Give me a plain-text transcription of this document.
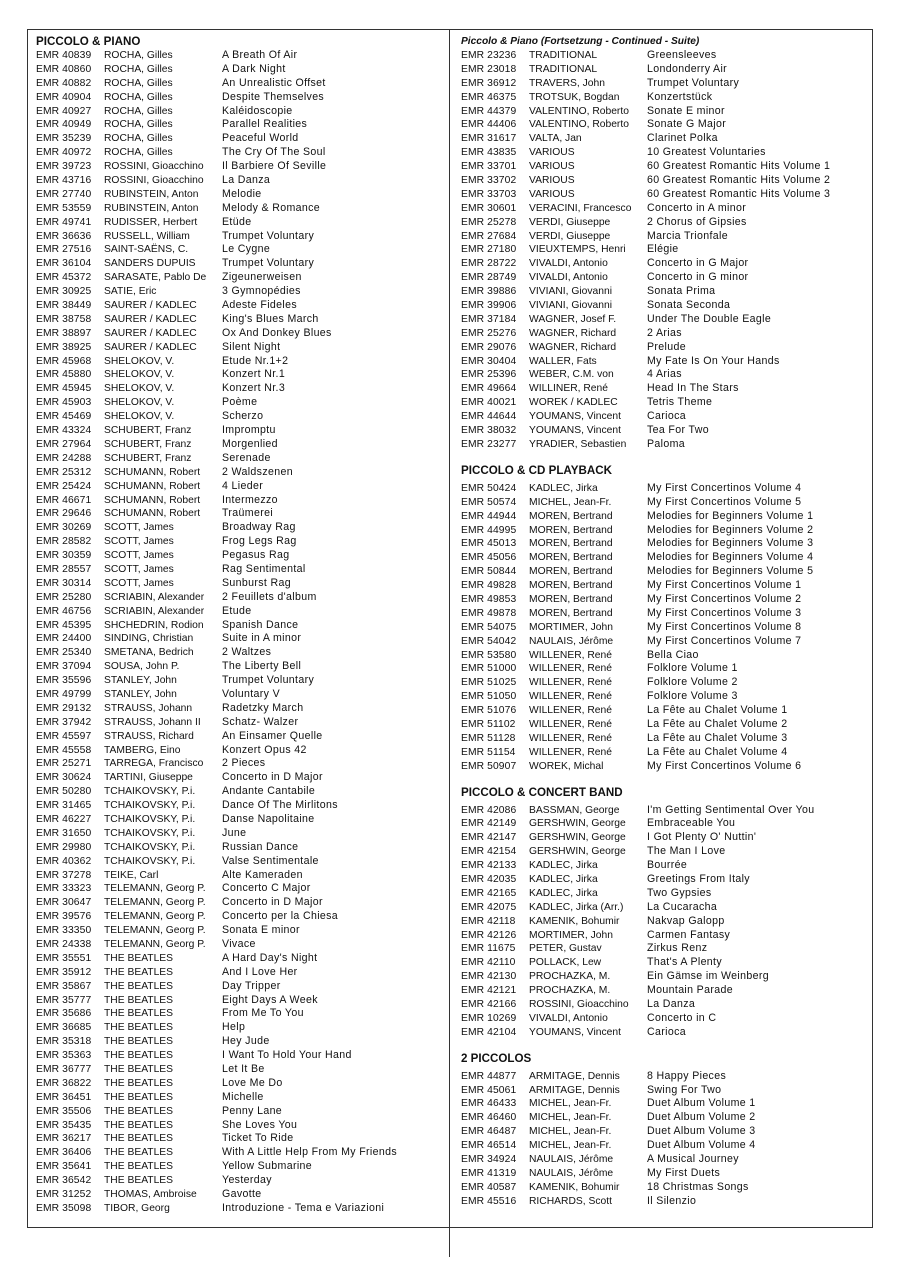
PICCOLO & PIANO
EMR 40839	ROCHA, Gilles	A Breath Of Air
EMR 40860	ROCHA, Gilles	A Dark Night
EMR 40882	ROCHA, Gilles	An Unrealistic Offset
EMR 40904	ROCHA, Gilles	Despite Themselves
EMR 40927	ROCHA, Gilles	Kaléidoscopie
EMR 40949	ROCHA, Gilles	Parallel Realities
EMR 35239	ROCHA, Gilles	Peaceful World
EMR 40972	ROCHA, Gilles	The Cry Of The Soul
EMR 39723	ROSSINI, Gioacchino	Il Barbiere Of Seville
EMR 43716	ROSSINI, Gioacchino	La Danza
EMR 27740	RUBINSTEIN, Anton	Melodie
EMR 53559	RUBINSTEIN, Anton	Melody & Romance
EMR 49741	RUDISSER, Herbert	Etüde
EMR 36636	RUSSELL, William	Trumpet Voluntary
EMR 27516	SAINT-SAËNS, C.	Le Cygne
EMR 36104	SANDERS DUPUIS	Trumpet Voluntary
EMR 45372	SARASATE, Pablo De	Zigeunerweisen
EMR 30925	SATIE, Eric	3 Gymnopédies
EMR 38449	SAURER / KADLEC	Adeste Fideles
EMR 38758	SAURER / KADLEC	King's Blues March
EMR 38897	SAURER / KADLEC	Ox And Donkey Blues
EMR 38925	SAURER / KADLEC	Silent Night
EMR 45968	SHELOKOV, V.	Etude Nr.1+2
EMR 45880	SHELOKOV, V.	Konzert Nr.1
EMR 45945	SHELOKOV, V.	Konzert Nr.3
EMR 45903	SHELOKOV, V.	Poème
EMR 45469	SHELOKOV, V.	Scherzo
EMR 43324	SCHUBERT, Franz	Impromptu
EMR 27964	SCHUBERT, Franz	Morgenlied
EMR 24288	SCHUBERT, Franz	Serenade
EMR 25312	SCHUMANN, Robert	2 Waldszenen
EMR 25424	SCHUMANN, Robert	4 Lieder
EMR 46671	SCHUMANN, Robert	Intermezzo
EMR 29646	SCHUMANN, Robert	Traümerei
EMR 30269	SCOTT, James	Broadway Rag
EMR 28582	SCOTT, James	Frog Legs Rag
EMR 30359	SCOTT, James	Pegasus Rag
EMR 28557	SCOTT, James	Rag Sentimental
EMR 30314	SCOTT, James	Sunburst Rag
EMR 25280	SCRIABIN, Alexander	2 Feuillets d'album
EMR 46756	SCRIABIN, Alexander	Etude
EMR 45395	SHCHEDRIN, Rodion	Spanish Dance
EMR 24400	SINDING, Christian	Suite in A minor
EMR 25340	SMETANA, Bedrich	2 Waltzes
EMR 37094	SOUSA, John P.	The Liberty Bell
EMR 35596	STANLEY, John	Trumpet Voluntary
EMR 49799	STANLEY, John	Voluntary V
EMR 29132	STRAUSS, Johann	Radetzky March
EMR 37942	STRAUSS, Johann II	Schatz- Walzer
EMR 45597	STRAUSS, Richard	An Einsamer Quelle
EMR 45558	TAMBERG, Eino	Konzert Opus 42
EMR 25271	TARREGA, Francisco	2 Pieces
EMR 30624	TARTINI, Giuseppe	Concerto in D Major
EMR 50280	TCHAIKOVSKY, P.i.	Andante Cantabile
EMR 31465	TCHAIKOVSKY, P.i.	Dance Of The Mirlitons
EMR 46227	TCHAIKOVSKY, P.i.	Danse Napolitaine
EMR 31650	TCHAIKOVSKY, P.i.	June
EMR 29980	TCHAIKOVSKY, P.i.	Russian Dance
EMR 40362	TCHAIKOVSKY, P.i.	Valse Sentimentale
EMR 37278	TEIKE, Carl	Alte Kameraden
EMR 33323	TELEMANN, Georg P.	Concerto C Major
EMR 30647	TELEMANN, Georg P.	Concerto in D Major
EMR 39576	TELEMANN, Georg P.	Concerto per la Chiesa
EMR 33350	TELEMANN, Georg P.	Sonata E minor
EMR 24338	TELEMANN, Georg P.	Vivace
EMR 35551	THE BEATLES	A Hard Day's Night
EMR 35912	THE BEATLES	And I Love Her
EMR 35867	THE BEATLES	Day Tripper
EMR 35777	THE BEATLES	Eight Days A Week
EMR 35686	THE BEATLES	From Me To You
EMR 36685	THE BEATLES	Help
EMR 35318	THE BEATLES	Hey Jude
EMR 35363	THE BEATLES	I Want To Hold Your Hand
EMR 36777	THE BEATLES	Let It Be
EMR 36822	THE BEATLES	Love Me Do
EMR 36451	THE BEATLES	Michelle
EMR 35506	THE BEATLES	Penny Lane
EMR 35435	THE BEATLES	She Loves You
EMR 36217	THE BEATLES	Ticket To Ride
EMR 36406	THE BEATLES	With A Little Help From My Friends
EMR 35641	THE BEATLES	Yellow Submarine
EMR 36542	THE BEATLES	Yesterday
EMR 31252	THOMAS, Ambroise	Gavotte
EMR 35098	TIBOR, Georg	Introduzione - Tema e Variazioni
Piccolo & Piano (Fortsetzung - Continued - Suite)
EMR 23236	TRADITIONAL	Greensleeves
EMR 23018	TRADITIONAL	Londonderry Air
EMR 36912	TRAVERS, John	Trumpet Voluntary
EMR 46375	TROTSUK, Bogdan	Konzertstück
EMR 44379	VALENTINO, Roberto	Sonate E minor
EMR 44406	VALENTINO, Roberto	Sonate G Major
EMR 31617	VALTA, Jan	Clarinet Polka
EMR 43835	VARIOUS	10 Greatest Voluntaries
EMR 33701	VARIOUS	60 Greatest Romantic Hits Volume 1
EMR 33702	VARIOUS	60 Greatest Romantic Hits Volume 2
EMR 33703	VARIOUS	60 Greatest Romantic Hits Volume 3
EMR 30601	VERACINI, Francesco	Concerto in A minor
EMR 25278	VERDI, Giuseppe	2 Chorus of Gipsies
EMR 27684	VERDI, Giuseppe	Marcia Trionfale
EMR 27180	VIEUXTEMPS, Henri	Elégie
EMR 28722	VIVALDI, Antonio	Concerto in G Major
EMR 28749	VIVALDI, Antonio	Concerto in G minor
EMR 39886	VIVIANI, Giovanni	Sonata Prima
EMR 39906	VIVIANI, Giovanni	Sonata Seconda
EMR 37184	WAGNER, Josef F.	Under The Double Eagle
EMR 25276	WAGNER, Richard	2 Arias
EMR 29076	WAGNER, Richard	Prelude
EMR 30404	WALLER, Fats	My Fate Is On Your Hands
EMR 25396	WEBER, C.M. von	4 Arias
EMR 49664	WILLINER, René	Head In The Stars
EMR 40021	WOREK / KADLEC	Tetris Theme
EMR 44644	YOUMANS, Vincent	Carioca
EMR 38032	YOUMANS, Vincent	Tea For Two
EMR 23277	YRADIER, Sebastien	Paloma
PICCOLO & CD PLAYBACK
EMR 50424	KADLEC, Jirka	My First Concertinos Volume 4
EMR 50574	MICHEL, Jean-Fr.	My First Concertinos Volume 5
EMR 44944	MOREN, Bertrand	Melodies for Beginners Volume 1
EMR 44995	MOREN, Bertrand	Melodies for Beginners Volume 2
EMR 45013	MOREN, Bertrand	Melodies for Beginners Volume 3
EMR 45056	MOREN, Bertrand	Melodies for Beginners Volume 4
EMR 50844	MOREN, Bertrand	Melodies for Beginners Volume 5
EMR 49828	MOREN, Bertrand	My First Concertinos Volume 1
EMR 49853	MOREN, Bertrand	My First Concertinos Volume 2
EMR 49878	MOREN, Bertrand	My First Concertinos Volume 3
EMR 54075	MORTIMER, John	My First Concertinos Volume 8
EMR 54042	NAULAIS, Jérôme	My First Concertinos Volume 7
EMR 53580	WILLENER, René	Bella Ciao
EMR 51000	WILLENER, René	Folklore Volume 1
EMR 51025	WILLENER, René	Folklore Volume 2
EMR 51050	WILLENER, René	Folklore Volume 3
EMR 51076	WILLENER, René	La Fête au Chalet Volume 1
EMR 51102	WILLENER, René	La Fête au Chalet Volume 2
EMR 51128	WILLENER, René	La Fête au Chalet Volume 3
EMR 51154	WILLENER, René	La Fête au Chalet Volume 4
EMR 50907	WOREK, Michal	My First Concertinos Volume 6
PICCOLO & CONCERT BAND
EMR 42086	BASSMAN, George	I'm Getting Sentimental Over You
EMR 42149	GERSHWIN, George	Embraceable You
EMR 42147	GERSHWIN, George	I Got Plenty O' Nuttin'
EMR 42154	GERSHWIN, George	The Man I Love
EMR 42133	KADLEC, Jirka	Bourrée
EMR 42035	KADLEC, Jirka	Greetings From Italy
EMR 42165	KADLEC, Jirka	Two Gypsies
EMR 42075	KADLEC, Jirka (Arr.)	La Cucaracha
EMR 42118	KAMENIK, Bohumir	Nakvap Galopp
EMR 42126	MORTIMER, John	Carmen Fantasy
EMR 11675	PETER, Gustav	Zirkus Renz
EMR 42110	POLLACK, Lew	That's A Plenty
EMR 42130	PROCHAZKA, M.	Ein Gämse im Weinberg
EMR 42121	PROCHAZKA, M.	Mountain Parade
EMR 42166	ROSSINI, Gioacchino	La Danza
EMR 10269	VIVALDI, Antonio	Concerto in C
EMR 42104	YOUMANS, Vincent	Carioca
2 PICCOLOS
EMR 44877	ARMITAGE, Dennis	8 Happy Pieces
EMR 45061	ARMITAGE, Dennis	Swing For Two
EMR 46433	MICHEL, Jean-Fr.	Duet Album Volume 1
EMR 46460	MICHEL, Jean-Fr.	Duet Album Volume 2
EMR 46487	MICHEL, Jean-Fr.	Duet Album Volume 3
EMR 46514	MICHEL, Jean-Fr.	Duet Album Volume 4
EMR 34924	NAULAIS, Jérôme	A Musical Journey
EMR 41319	NAULAIS, Jérôme	My First Duets
EMR 40587	KAMENIK, Bohumir	18 Christmas Songs
EMR 45516	RICHARDS, Scott	Il Silenzio
